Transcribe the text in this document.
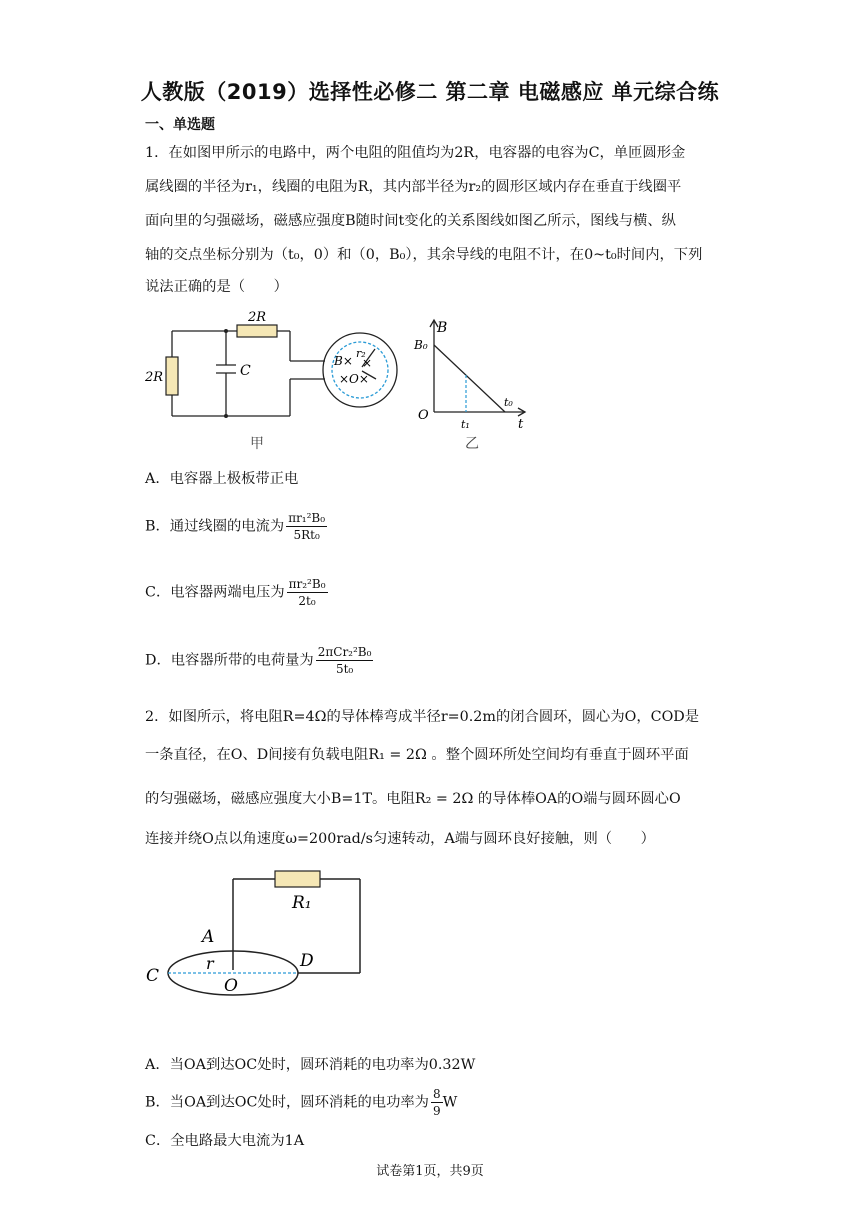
人教版（2019）选择性必修二 第二章 电磁感应 单元综合练
一、单选题
1．在如图甲所示的电路中，两个电阻的阻值均为2R，电容器的电容为C，单匝圆形金
属线圈的半径为r₁，线圈的电阻为R，其内部半径为r₂的圆形区域内存在垂直于线圈平
面向里的匀强磁场，磁感应强度B随时间t变化的关系图线如图乙所示，图线与横、纵
轴的交点坐标分别为（t₀，0）和（0，B₀），其余导线的电阻不计，在0~t₀时间内，下列
说法正确的是（　　）
2R
2R	C
B×
r₂
×O×
×
甲
B
B₀
O
t₁
t₀
t
乙
A．电容器上极板带正电
B．通过线圈的电流为 $\frac{\text{πr₁²B₀}}{\text{5Rt₀}}$
C．电容器两端电压为 $\frac{\text{πr₂²B₀}}{\text{2t₀}}$
D．电容器所带的电荷量为 $\frac{\text{2πCr₂²B₀}}{\text{5t₀}}$
2．如图所示，将电阻R=4Ω的导体棒弯成半径r=0.2m的闭合圆环，圆心为O，COD是
一条直径，在O、D间接有负载电阻R₁ = 2Ω 。整个圆环所处空间均有垂直于圆环平面
的匀强磁场，磁感应强度大小B=1T。电阻R₂ = 2Ω 的导体棒OA的O端与圆环圆心O
连接并绕O点以角速度ω=200rad/s匀速转动，A端与圆环良好接触，则（　　）
R₁
A
r
C
D
O
A．当OA到达OC处时，圆环消耗的电功率为0.32W
B．当OA到达OC处时，圆环消耗的电功率为 $\frac{8}{9}$ W
C．全电路最大电流为1A
试卷第1页，共9页
